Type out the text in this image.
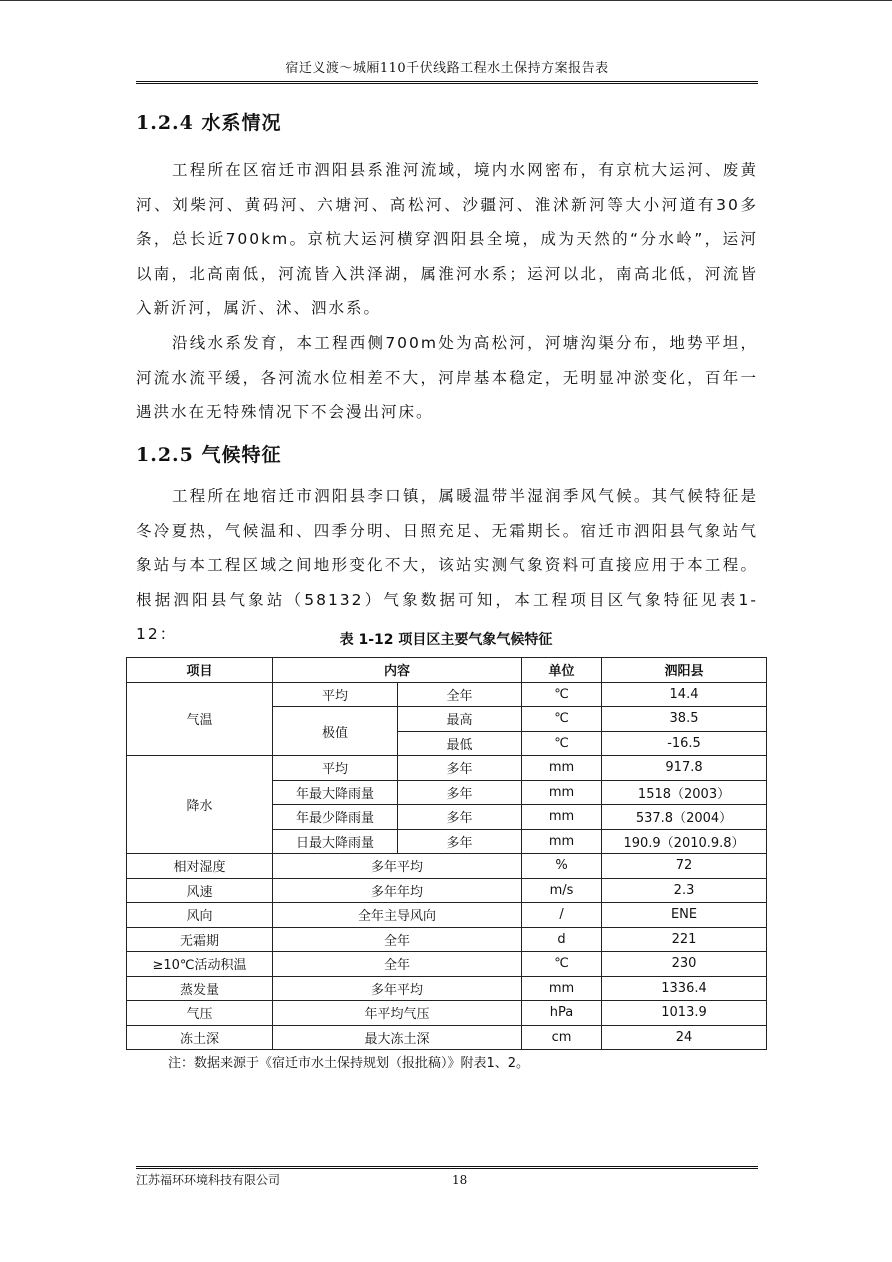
宿迁义渡～城厢110千伏线路工程水土保持方案报告表
1.2.4 水系情况
工程所在区宿迁市泗阳县系淮河流域，境内水网密布，有京杭大运河、废黄河、刘柴河、黄码河、六塘河、高松河、沙疆河、淮沭新河等大小河道有30多条，总长近700km。京杭大运河横穿泗阳县全境，成为天然的“分水岭”，运河以南，北高南低，河流皆入洪泽湖，属淮河水系；运河以北，南高北低，河流皆入新沂河，属沂、沭、泗水系。
沿线水系发育，本工程西侧700m处为高松河，河塘沟渠分布，地势平坦，河流水流平缓，各河流水位相差不大，河岸基本稳定，无明显冲淤变化，百年一遇洪水在无特殊情况下不会漫出河床。
1.2.5 气候特征
工程所在地宿迁市泗阳县李口镇，属暖温带半湿润季风气候。其气候特征是冬冷夏热，气候温和、四季分明、日照充足、无霜期长。宿迁市泗阳县气象站气象站与本工程区域之间地形变化不大，该站实测气象资料可直接应用于本工程。根据泗阳县气象站（58132）气象数据可知，本工程项目区气象特征见表1-12：	表 1-12 项目区主要气象气候特征
项目	内容		单位	泗阳县
气温	平均	全年	℃	14.4
	极值	最高	℃	38.5
		最低	℃	-16.5
降水	平均	多年	mm	917.8
	年最大降雨量	多年	mm	1518（2003）
	年最少降雨量	多年	mm	537.8（2004）
	日最大降雨量	多年	mm	190.9（2010.9.8）
相对湿度	多年平均		%	72
风速	多年年均		m/s	2.3
风向	全年主导风向		/	ENE
无霜期	全年		d	221
≥10℃活动积温	全年		℃	230
蒸发量	多年平均		mm	1336.4
气压	年平均气压		hPa	1013.9
冻土深	最大冻土深		cm	24
注：数据来源于《宿迁市水土保持规划（报批稿）》附表1、2。
江苏福环环境科技有限公司	18
